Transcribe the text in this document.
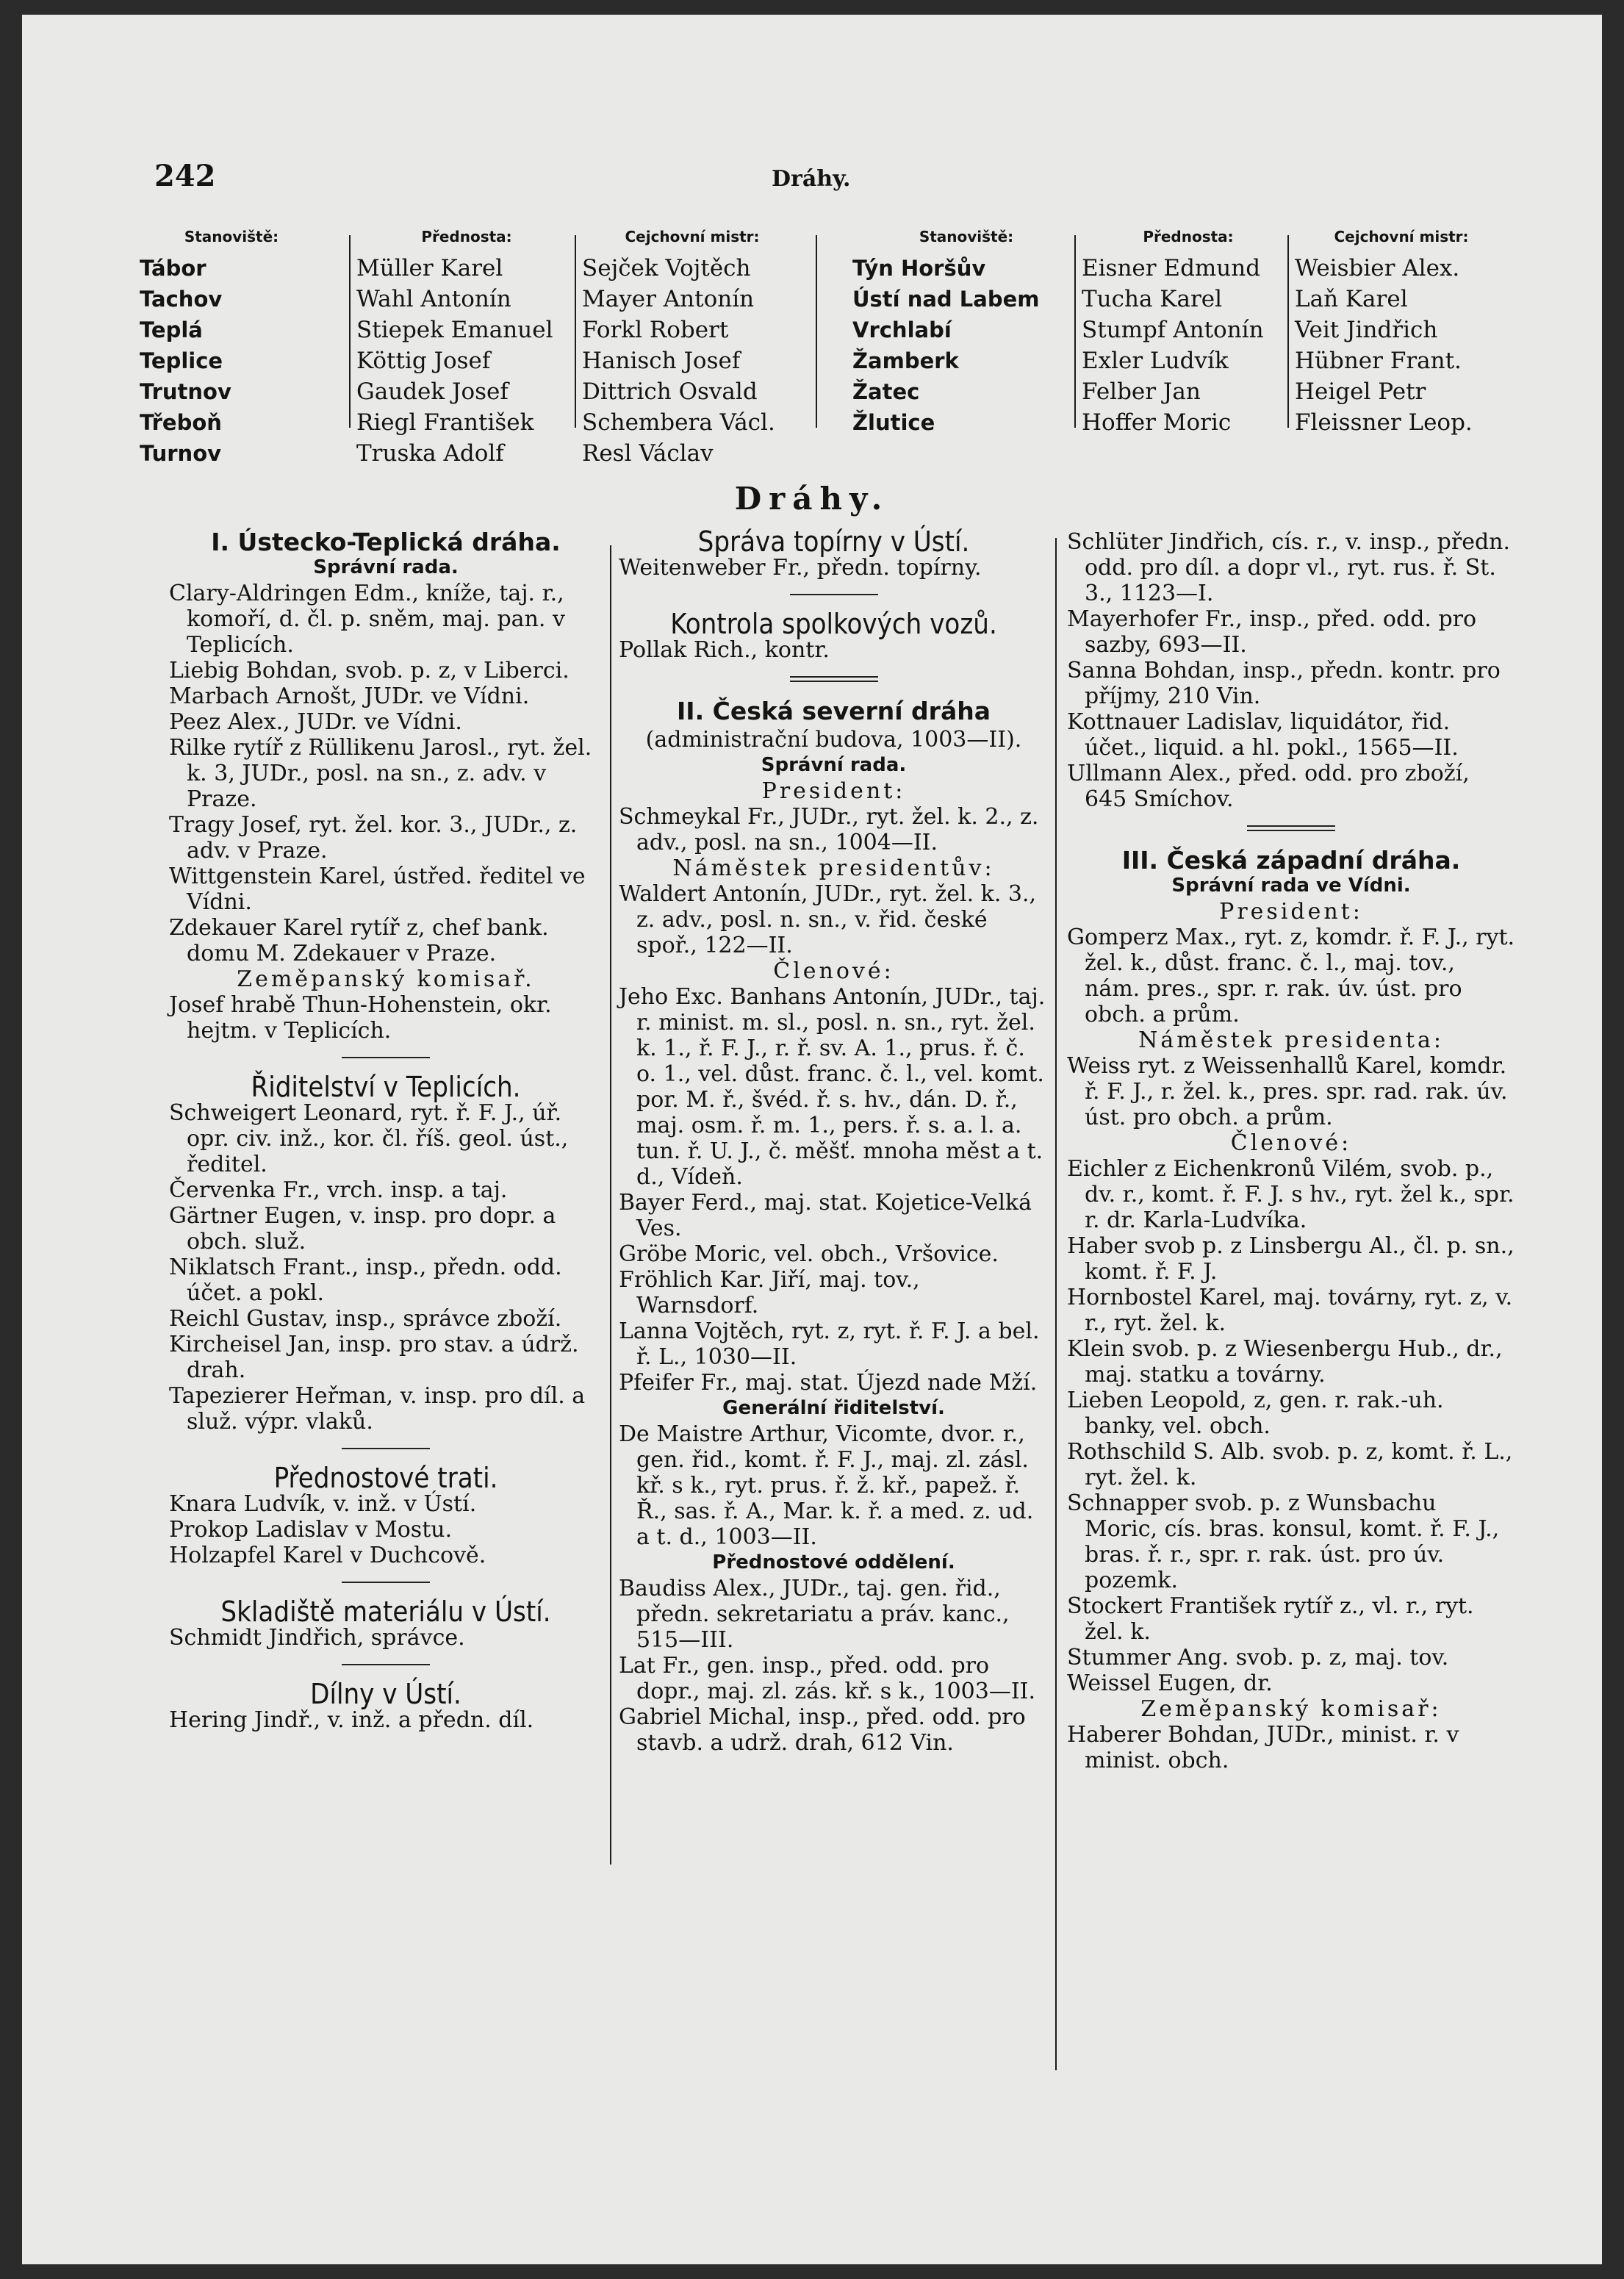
242	Dráhy.
Stanoviště:
Tábor
Tachov
Teplá
Teplice
Trutnov
Třeboň
Turnov
Přednosta:
Müller Karel
Wahl Antonín
Stiepek Emanuel
Köttig Josef
Gaudek Josef
Riegl František
Truska Adolf
Cejchovní mistr:
Sejček Vojtěch
Mayer Antonín
Forkl Robert
Hanisch Josef
Dittrich Osvald
Schembera Václ.
Resl Václav
Stanoviště:
Týn Horšův
Ústí nad Labem
Vrchlabí
Žamberk
Žatec
Žlutice
Přednosta:
Eisner Edmund
Tucha Karel
Stumpf Antonín
Exler Ludvík
Felber Jan
Hoffer Moric
Cejchovní mistr:
Weisbier Alex.
Laň Karel
Veit Jindřich
Hübner Frant.
Heigel Petr
Fleissner Leop.
Dráhy.

I. Ústecko-Teplická dráha.

Správní rada.

Clary-Aldringen Edm., kníže, taj. r., komoří, d. čl. p. sněm, maj. pan. v Teplicích.

Liebig Bohdan, svob. p. z, v Liberci.

Marbach Arnošt, JUDr. ve Vídni.

Peez Alex., JUDr. ve Vídni.

Rilke rytíř z Rüllikenu Jarosl., ryt. žel. k. 3, JUDr., posl. na sn., z. adv. v Praze.

Tragy Josef, ryt. žel. kor. 3., JUDr., z. adv. v Praze.

Wittgenstein Karel, ústřed. ředitel ve Vídni.

Zdekauer Karel rytíř z, chef bank. domu M. Zdekauer v Praze.

Zeměpanský komisař.

Josef hrabě Thun-Hohenstein, okr. hejtm. v Teplicích.

Řiditelství v Teplicích.

Schweigert Leonard, ryt. ř. F. J., úř. opr. civ. inž., kor. čl. říš. geol. úst., ředitel.

Červenka Fr., vrch. insp. a taj.

Gärtner Eugen, v. insp. pro dopr. a obch. služ.

Niklatsch Frant., insp., předn. odd. účet. a pokl.

Reichl Gustav, insp., správce zboží.

Kircheisel Jan, insp. pro stav. a údrž. drah.

Tapezierer Heřman, v. insp. pro díl. a služ. výpr. vlaků.

Přednostové trati.

Knara Ludvík, v. inž. v Ústí.

Prokop Ladislav v Mostu.

Holzapfel Karel v Duchcově.

Skladiště materiálu v Ústí.

Schmidt Jindřich, správce.

Dílny v Ústí.

Hering Jindř., v. inž. a předn. díl.

Správa topírny v Ústí.

Weitenweber Fr., předn. topírny.

Kontrola spolkových vozů.

Pollak Rich., kontr.

II. Česká severní dráha

(administrační budova, 1003—II).

Správní rada.

President:

Schmeykal Fr., JUDr., ryt. žel. k. 2., z. adv., posl. na sn., 1004—II.

Náměstek presidentův:

Waldert Antonín, JUDr., ryt. žel. k. 3., z. adv., posl. n. sn., v. řid. české spoř., 122—II.

Členové:

Jeho Exc. Banhans Antonín, JUDr., taj. r. minist. m. sl., posl. n. sn., ryt. žel. k. 1., ř. F. J., r. ř. sv. A. 1., prus. ř. č. o. 1., vel. důst. franc. č. l., vel. komt. por. M. ř., švéd. ř. s. hv., dán. D. ř., maj. osm. ř. m. 1., pers. ř. s. a. l. a. tun. ř. U. J., č. měšť. mnoha měst a t. d., Vídeň.

Bayer Ferd., maj. stat. Kojetice-Velká Ves.

Gröbe Moric, vel. obch., Vršovice.

Fröhlich Kar. Jiří, maj. tov., Warnsdorf.

Lanna Vojtěch, ryt. z, ryt. ř. F. J. a bel. ř. L., 1030—II.

Pfeifer Fr., maj. stat. Újezd nade Mží.

Generální řiditelství.

De Maistre Arthur, Vicomte, dvor. r., gen. řid., komt. ř. F. J., maj. zl. zásl. kř. s k., ryt. prus. ř. ž. kř., papež. ř. Ř., sas. ř. A., Mar. k. ř. a med. z. ud. a t. d., 1003—II.

Přednostové oddělení.

Baudiss Alex., JUDr., taj. gen. řid., předn. sekretariatu a práv. kanc., 515—III.

Lat Fr., gen. insp., před. odd. pro dopr., maj. zl. zás. kř. s k., 1003—II.

Gabriel Michal, insp., před. odd. pro stavb. a udrž. drah, 612 Vin.

Schlüter Jindřich, cís. r., v. insp., předn. odd. pro díl. a dopr vl., ryt. rus. ř. St. 3., 1123—I.

Mayerhofer Fr., insp., před. odd. pro sazby, 693—II.

Sanna Bohdan, insp., předn. kontr. pro příjmy, 210 Vin.

Kottnauer Ladislav, liquidátor, řid. účet., liquid. a hl. pokl., 1565—II.

Ullmann Alex., před. odd. pro zboží, 645 Smíchov.

III. Česká západní dráha.

Správní rada ve Vídni.

President:

Gomperz Max., ryt. z, komdr. ř. F. J., ryt. žel. k., důst. franc. č. l., maj. tov., nám. pres., spr. r. rak. úv. úst. pro obch. a prům.

Náměstek presidenta:

Weiss ryt. z Weissenhallů Karel, komdr. ř. F. J., r. žel. k., pres. spr. rad. rak. úv. úst. pro obch. a prům.

Členové:

Eichler z Eichenkronů Vilém, svob. p., dv. r., komt. ř. F. J. s hv., ryt. žel k., spr. r. dr. Karla-Ludvíka.

Haber svob p. z Linsbergu Al., čl. p. sn., komt. ř. F. J.

Hornbostel Karel, maj. továrny, ryt. z, v. r., ryt. žel. k.

Klein svob. p. z Wiesenbergu Hub., dr., maj. statku a továrny.

Lieben Leopold, z, gen. r. rak.-uh. banky, vel. obch.

Rothschild S. Alb. svob. p. z, komt. ř. L., ryt. žel. k.

Schnapper svob. p. z Wunsbachu Moric, cís. bras. konsul, komt. ř. F. J., bras. ř. r., spr. r. rak. úst. pro úv. pozemk.

Stockert František rytíř z., vl. r., ryt. žel. k.

Stummer Ang. svob. p. z, maj. tov.

Weissel Eugen, dr.

Zeměpanský komisař:

Haberer Bohdan, JUDr., minist. r. v minist. obch.
